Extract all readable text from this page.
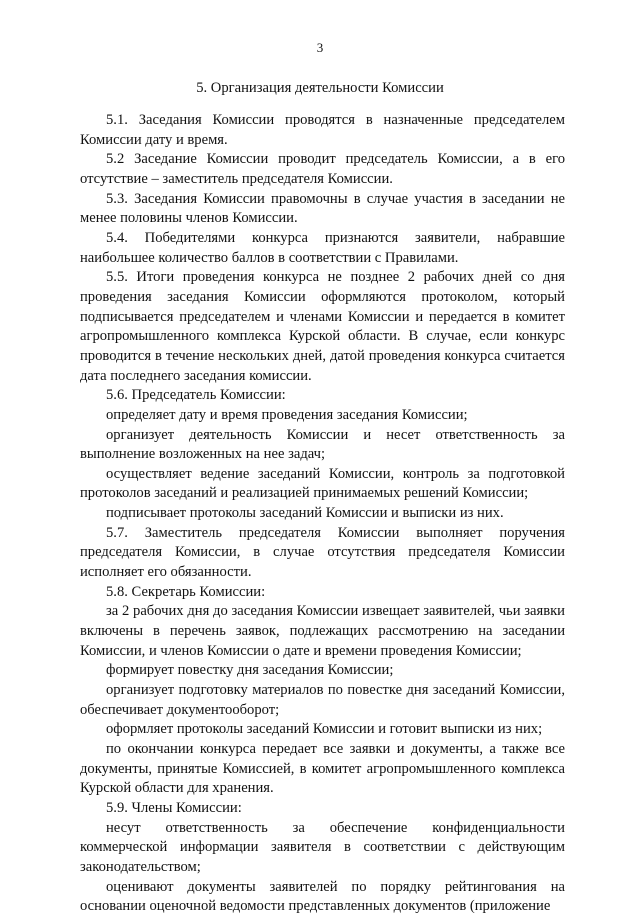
3
5. Организация деятельности Комиссии

5.1. Заседания Комиссии проводятся в назначенные председателем Комиссии дату и время.

5.2 Заседание Комиссии проводит председатель Комиссии, а в его отсутствие – заместитель председателя Комиссии.

5.3. Заседания Комиссии правомочны в случае участия в заседании не менее половины членов Комиссии.

5.4. Победителями конкурса признаются заявители, набравшие наибольшее количество баллов в соответствии с Правилами.

5.5. Итоги проведения конкурса не позднее 2 рабочих дней со дня проведения заседания Комиссии оформляются протоколом, который подписывается председателем и членами Комиссии и передается в комитет агропромышленного комплекса Курской области. В случае, если конкурс проводится в течение нескольких дней, датой проведения конкурса считается дата последнего заседания комиссии.

5.6. Председатель Комиссии:

определяет дату и время проведения заседания Комиссии;

организует деятельность Комиссии и несет ответственность за выполнение возложенных на нее задач;

осуществляет ведение заседаний Комиссии, контроль за подготовкой протоколов заседаний и реализацией принимаемых решений Комиссии;

подписывает протоколы заседаний Комиссии и выписки из них.

5.7. Заместитель председателя Комиссии выполняет поручения председателя Комиссии, в случае отсутствия председателя Комиссии исполняет его обязанности.

5.8. Секретарь Комиссии:

за 2 рабочих дня до заседания Комиссии извещает заявителей, чьи заявки включены в перечень заявок, подлежащих рассмотрению на заседании Комиссии, и членов Комиссии о дате и времени проведения Комиссии;

формирует повестку дня заседания Комиссии;

организует подготовку материалов по повестке дня заседаний Комиссии, обеспечивает документооборот;

оформляет протоколы заседаний Комиссии и готовит выписки из них;

по окончании конкурса передает все заявки и документы, а также все документы, принятые Комиссией, в комитет агропромышленного комплекса Курской области для хранения.

5.9. Члены Комиссии:

несут ответственность за обеспечение конфиденциальности коммерческой информации заявителя в соответствии с действующим законодательством;

оценивают документы заявителей по порядку рейтингования на основании оценочной ведомости представленных документов (приложение
